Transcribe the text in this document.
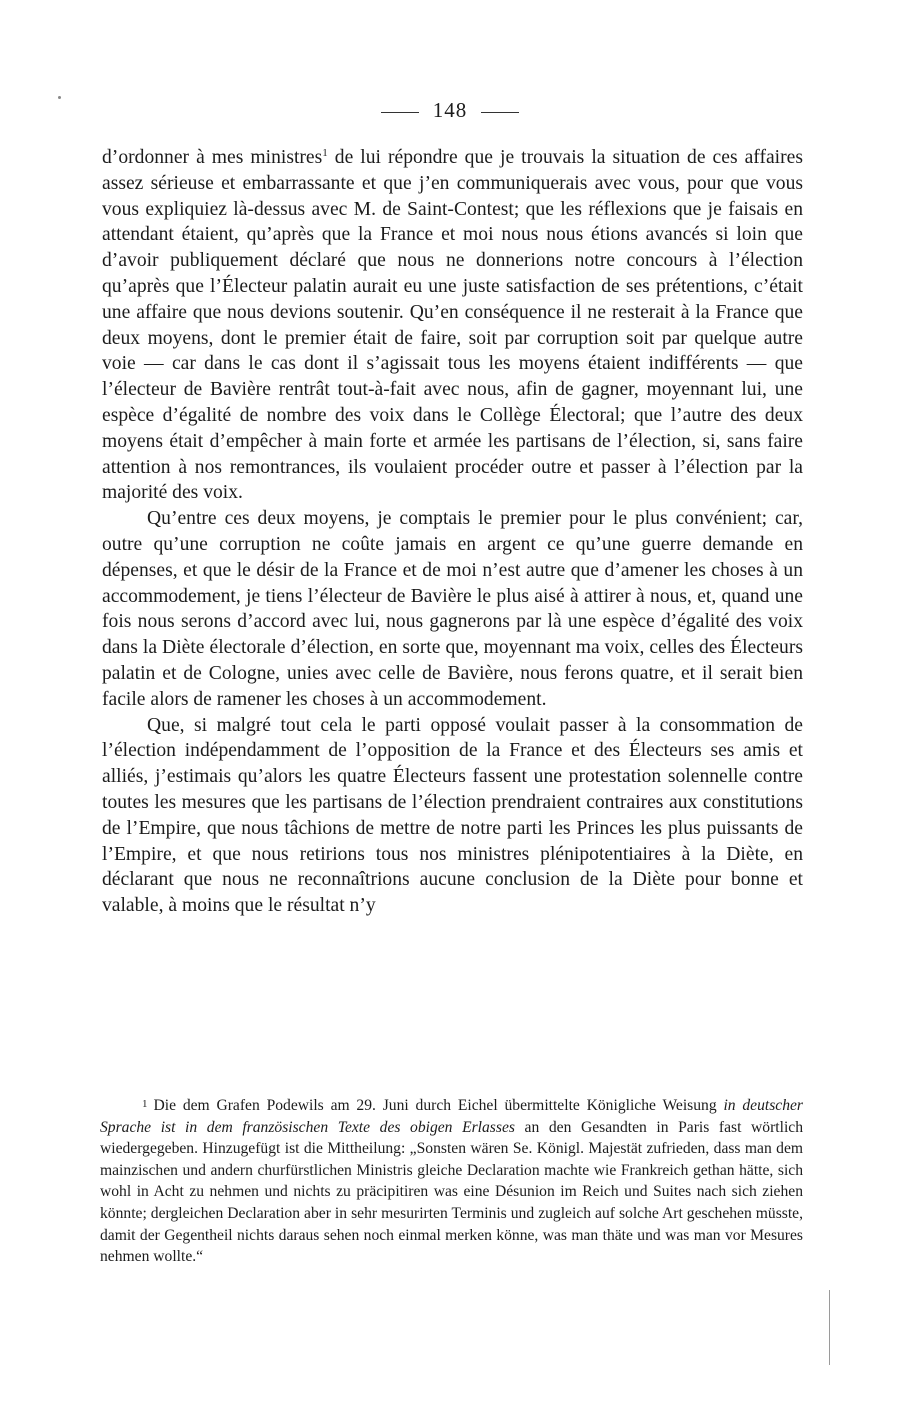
148

d’ordonner à mes ministres$^1$ de lui répondre que je trouvais la situation de ces affaires assez sérieuse et embarrassante et que j’en communiquerais avec vous, pour que vous vous expliquiez là-dessus avec M. de Saint-Contest; que les réflexions que je faisais en attendant étaient, qu’après que la France et moi nous nous étions avancés si loin que d’avoir publiquement déclaré que nous ne donnerions notre concours à l’élection qu’après que l’Électeur palatin aurait eu une juste satisfaction de ses prétentions, c’était une affaire que nous devions soutenir. Qu’en conséquence il ne resterait à la France que deux moyens, dont le premier était de faire, soit par corruption soit par quelque autre voie — car dans le cas dont il s’agissait tous les moyens étaient indifférents — que l’électeur de Bavière rentrât tout-à-fait avec nous, afin de gagner, moyennant lui, une espèce d’égalité de nombre des voix dans le Collège Électoral; que l’autre des deux moyens était d’empêcher à main forte et armée les partisans de l’élection, si, sans faire attention à nos remontrances, ils voulaient procéder outre et passer à l’élection par la majorité des voix.

Qu’entre ces deux moyens, je comptais le premier pour le plus convénient; car, outre qu’une corruption ne coûte jamais en argent ce qu’une guerre demande en dépenses, et que le désir de la France et de moi n’est autre que d’amener les choses à un accommodement, je tiens l’électeur de Bavière le plus aisé à attirer à nous, et, quand une fois nous serons d’accord avec lui, nous gagnerons par là une espèce d’égalité des voix dans la Diète électorale d’élection, en sorte que, moyennant ma voix, celles des Électeurs palatin et de Cologne, unies avec celle de Bavière, nous ferons quatre, et il serait bien facile alors de ramener les choses à un accommodement.

Que, si malgré tout cela le parti opposé voulait passer à la consommation de l’élection indépendamment de l’opposition de la France et des Électeurs ses amis et alliés, j’estimais qu’alors les quatre Électeurs fassent une protestation solennelle contre toutes les mesures que les partisans de l’élection prendraient contraires aux constitutions de l’Empire, que nous tâchions de mettre de notre parti les Princes les plus puissants de l’Empire, et que nous retirions tous nos ministres plénipotentiaires à la Diète, en déclarant que nous ne reconnaîtrions aucune conclusion de la Diète pour bonne et valable, à moins que le résultat n’y

1 Die dem Grafen Podewils am 29. Juni durch Eichel übermittelte Königliche Weisung in deutscher Sprache ist in dem französischen Texte des obigen Erlasses an den Gesandten in Paris fast wörtlich wiedergegeben. Hinzugefügt ist die Mittheilung: „Sonsten wären Se. Königl. Majestät zufrieden, dass man dem mainzischen und andern churfürstlichen Ministris gleiche Declaration machte wie Frankreich gethan hätte, sich wohl in Acht zu nehmen und nichts zu präcipitiren was eine Désunion im Reich und Suites nach sich ziehen könnte; dergleichen Declaration aber in sehr mesurirten Terminis und zugleich auf solche Art geschehen müsste, damit der Gegentheil nichts daraus sehen noch einmal merken könne, was man thäte und was man vor Mesures nehmen wollte.“
